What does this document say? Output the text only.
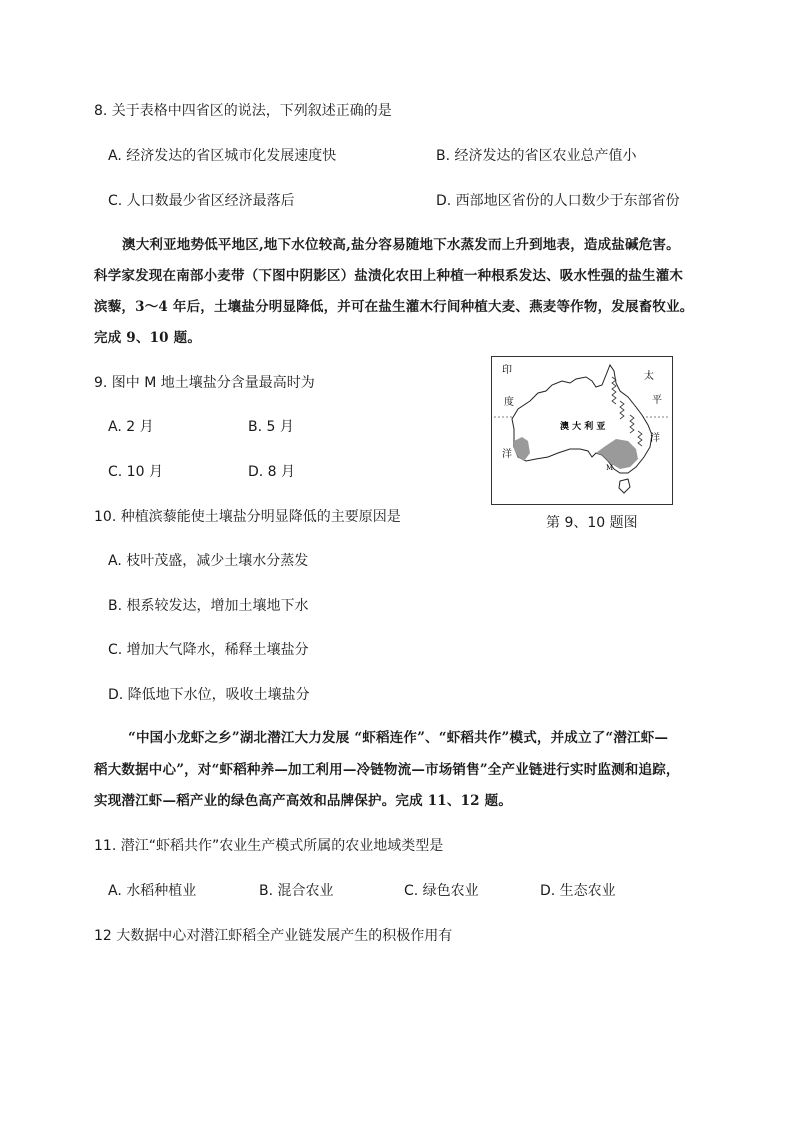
8. 关于表格中四省区的说法，下列叙述正确的是
A. 经济发达的省区城市化发展速度快	B. 经济发达的省区农业总产值小
C. 人口数最少省区经济最落后	D. 西部地区省份的人口数少于东部省份
澳大利亚地势低平地区,地下水位较高,盐分容易随地下水蒸发而上升到地表，造成盐碱危害。
科学家发现在南部小麦带（下图中阴影区）盐渍化农田上种植一种根系发达、吸水性强的盐生灌木
滨藜，3～4 年后，土壤盐分明显降低，并可在盐生灌木行间种植大麦、燕麦等作物，发展畜牧业。
完成 9、10 题。
9. 图中 M 地土壤盐分含量最高时为
A. 2 月	B. 5 月
C. 10 月	D. 8 月
印
度
洋
太
平
洋
澳 大 利 亚
M
第 9、10 题图
10. 种植滨藜能使土壤盐分明显降低的主要原因是
A. 枝叶茂盛，减少土壤水分蒸发
B. 根系较发达，增加土壤地下水
C. 增加大气降水，稀释土壤盐分
D. 降低地下水位，吸收土壤盐分
“中国小龙虾之乡”湖北潜江大力发展 “虾稻连作”、“虾稻共作”模式，并成立了“潜江虾—
稻大数据中心”，对“虾稻种养—加工利用—冷链物流—市场销售”全产业链进行实时监测和追踪，
实现潜江虾—稻产业的绿色高产高效和品牌保护。完成 11、12 题。
11. 潜江“虾稻共作”农业生产模式所属的农业地域类型是
A. 水稻种植业	B. 混合农业	C. 绿色农业	D. 生态农业
12 大数据中心对潜江虾稻全产业链发展产生的积极作用有
